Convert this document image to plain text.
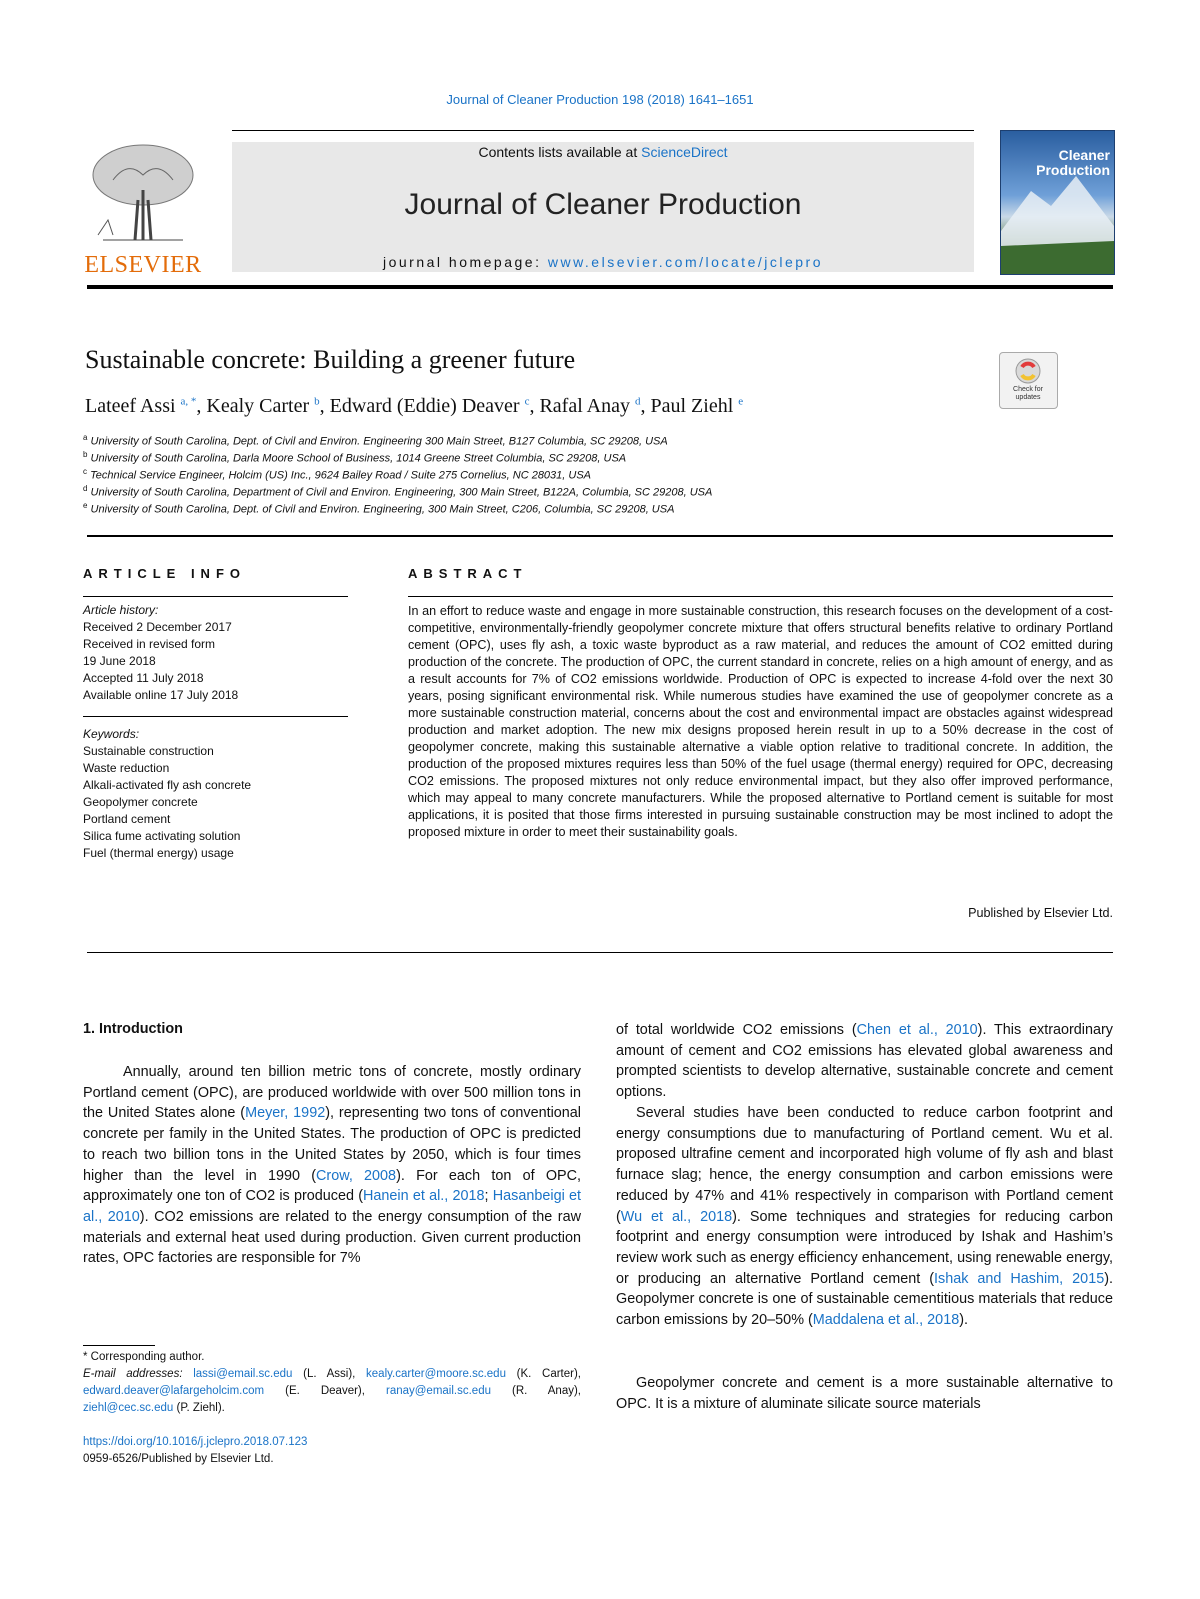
Journal of Cleaner Production 198 (2018) 1641–1651
ELSEVIER
Contents lists available at ScienceDirect
Journal of Cleaner Production
journal homepage: www.elsevier.com/locate/jclepro
Cleaner Production
Sustainable concrete: Building a greener future
Check for updates
Lateef Assi $^{a, *}$, Kealy Carter $^b$, Edward (Eddie) Deaver $^c$, Rafal Anay $^d$, Paul Ziehl $^e$
$^a$ University of South Carolina, Dept. of Civil and Environ. Engineering 300 Main Street, B127 Columbia, SC 29208, USA
$^b$ University of South Carolina, Darla Moore School of Business, 1014 Greene Street Columbia, SC 29208, USA
$^c$ Technical Service Engineer, Holcim (US) Inc., 9624 Bailey Road / Suite 275 Cornelius, NC 28031, USA
$^d$ University of South Carolina, Department of Civil and Environ. Engineering, 300 Main Street, B122A, Columbia, SC 29208, USA
$^e$ University of South Carolina, Dept. of Civil and Environ. Engineering, 300 Main Street, C206, Columbia, SC 29208, USA
ARTICLE INFO	ABSTRACT
Article history:
Received 2 December 2017
Received in revised form
19 June 2018
Accepted 11 July 2018
Available online 17 July 2018
Keywords:
Sustainable construction
Waste reduction
Alkali-activated fly ash concrete
Geopolymer concrete
Portland cement
Silica fume activating solution
Fuel (thermal energy) usage
In an effort to reduce waste and engage in more sustainable construction, this research focuses on the development of a cost-competitive, environmentally-friendly geopolymer concrete mixture that offers structural benefits relative to ordinary Portland cement (OPC), uses fly ash, a toxic waste byproduct as a raw material, and reduces the amount of CO2 emitted during production of the concrete. The production of OPC, the current standard in concrete, relies on a high amount of energy, and as a result accounts for 7% of CO2 emissions worldwide. Production of OPC is expected to increase 4-fold over the next 30 years, posing significant environmental risk. While numerous studies have examined the use of geopolymer concrete as a more sustainable construction material, concerns about the cost and environmental impact are obstacles against widespread production and market adoption. The new mix designs proposed herein result in up to a 50% decrease in the cost of geopolymer concrete, making this sustainable alternative a viable option relative to traditional concrete. In addition, the production of the proposed mixtures requires less than 50% of the fuel usage (thermal energy) required for OPC, decreasing CO2 emissions. The proposed mixtures not only reduce environmental impact, but they also offer improved performance, which may appeal to many concrete manufacturers. While the proposed alternative to Portland cement is suitable for most applications, it is posited that those firms interested in pursuing sustainable construction may be most inclined to adopt the proposed mixture in order to meet their sustainability goals.
Published by Elsevier Ltd.
1. Introduction
Annually, around ten billion metric tons of concrete, mostly ordinary Portland cement (OPC), are produced worldwide with over 500 million tons in the United States alone (Meyer, 1992), representing two tons of conventional concrete per family in the United States. The production of OPC is predicted to reach two billion tons in the United States by 2050, which is four times higher than the level in 1990 (Crow, 2008). For each ton of OPC, approximately one ton of CO2 is produced (Hanein et al., 2018; Hasanbeigi et al., 2010). CO2 emissions are related to the energy consumption of the raw materials and external heat used during production. Given current production rates, OPC factories are responsible for 7%
of total worldwide CO2 emissions (Chen et al., 2010). This extraordinary amount of cement and CO2 emissions has elevated global awareness and prompted scientists to develop alternative, sustainable concrete and cement options.
Several studies have been conducted to reduce carbon footprint and energy consumptions due to manufacturing of Portland cement. Wu et al. proposed ultrafine cement and incorporated high volume of fly ash and blast furnace slag; hence, the energy consumption and carbon emissions were reduced by 47% and 41% respectively in comparison with Portland cement (Wu et al., 2018). Some techniques and strategies for reducing carbon footprint and energy consumption were introduced by Ishak and Hashim’s review work such as energy efficiency enhancement, using renewable energy, or producing an alternative Portland cement (Ishak and Hashim, 2015). Geopolymer concrete is one of sustainable cementitious materials that reduce carbon emissions by 20–50% (Maddalena et al., 2018).
Geopolymer concrete and cement is a more sustainable alternative to OPC. It is a mixture of aluminate silicate source materials
* Corresponding author.
E-mail addresses: lassi@email.sc.edu (L. Assi), kealy.carter@moore.sc.edu (K. Carter), edward.deaver@lafargeholcim.com (E. Deaver), ranay@email.sc.edu (R. Anay), ziehl@cec.sc.edu (P. Ziehl).
https://doi.org/10.1016/j.jclepro.2018.07.123
0959-6526/Published by Elsevier Ltd.
